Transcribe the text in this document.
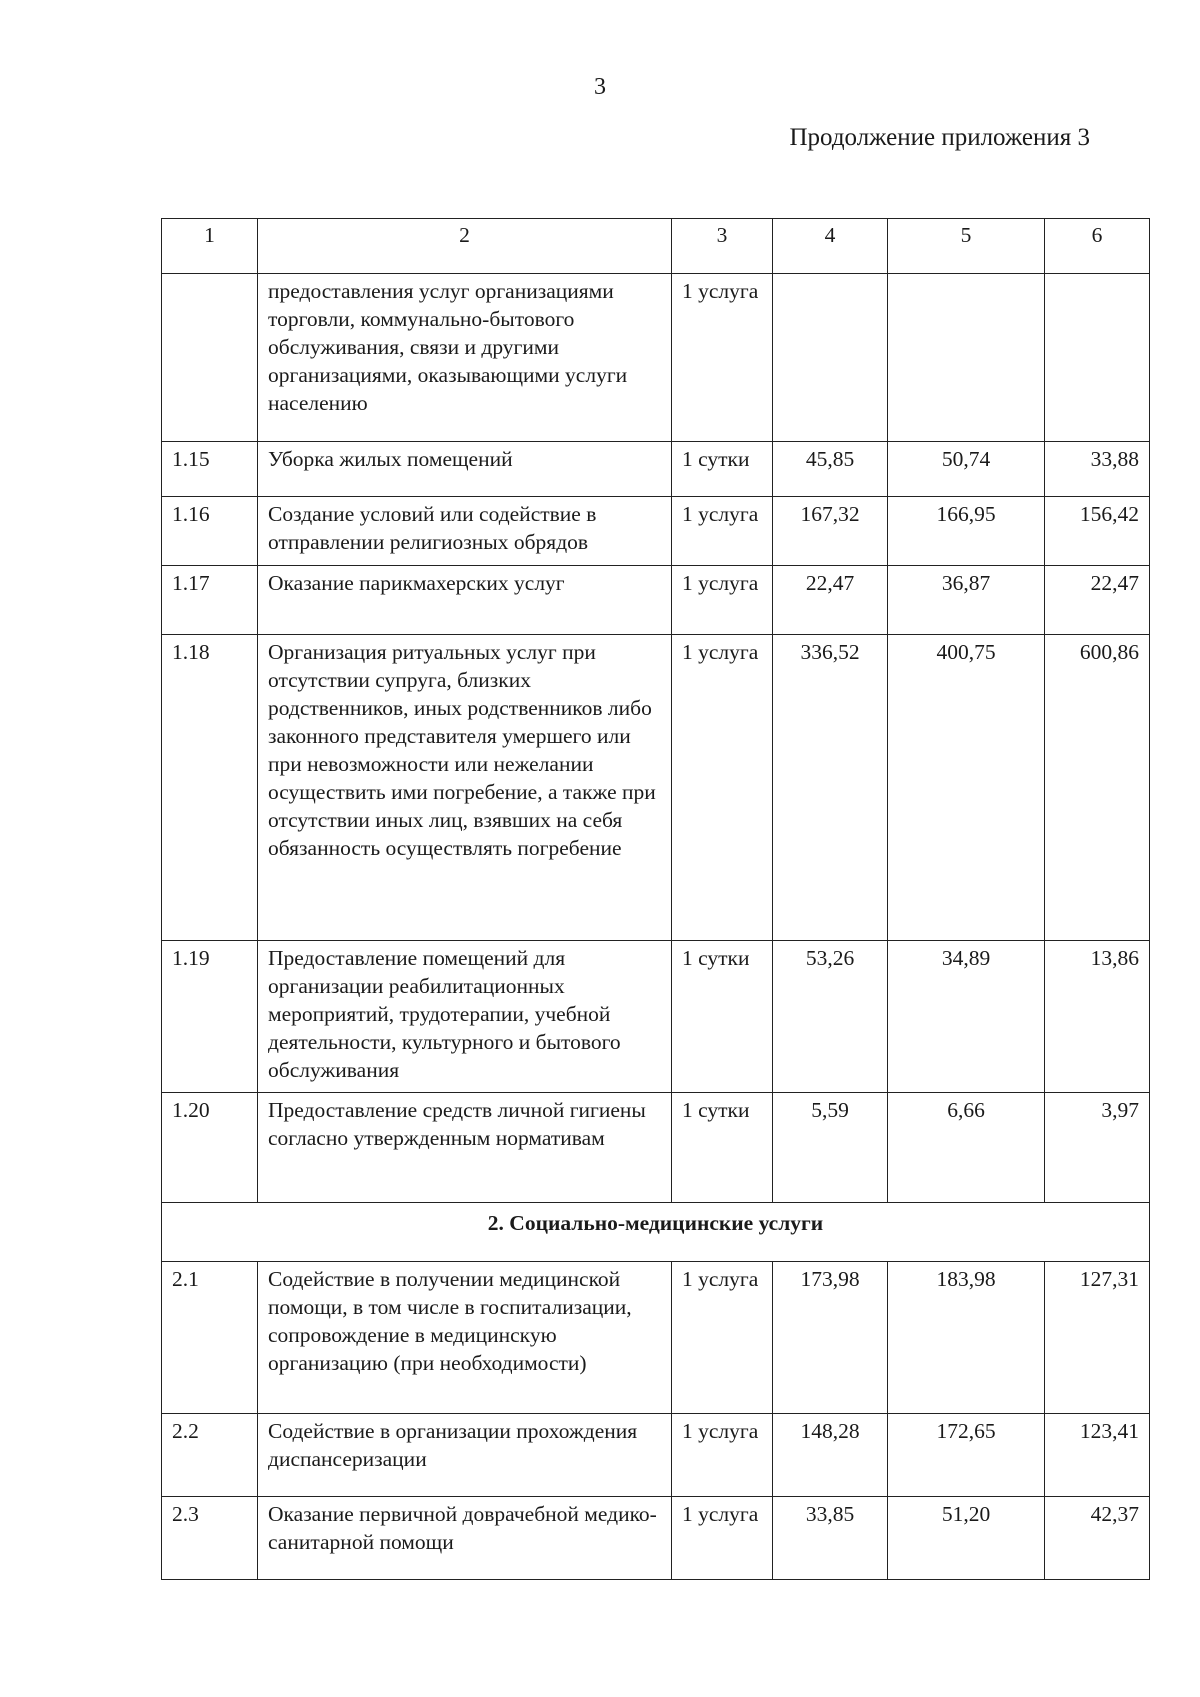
3
Продолжение приложения 3
1	2	3	4	5	6
	предоставления услуг организациями торговли, коммунально-бытового обслуживания, связи и другими организациями, оказывающими услуги населению	1 услуга			
1.15	Уборка жилых помещений	1 сутки	45,85	50,74	33,88
1.16	Создание условий или содействие в отправлении религиозных обрядов	1 услуга	167,32	166,95	156,42
1.17	Оказание парикмахерских услуг	1 услуга	22,47	36,87	22,47
1.18	Организация ритуальных услуг при отсутствии супруга, близких родственников, иных родственников либо законного представителя умершего или при невозможности или нежелании осуществить ими погребение, а также при отсутствии иных лиц, взявших на себя обязанность осуществлять погребение	1 услуга	336,52	400,75	600,86
1.19	Предоставление помещений для организации реабилитационных мероприятий, трудотерапии, учебной деятельности, культурного и бытового обслуживания	1 сутки	53,26	34,89	13,86
1.20	Предоставление средств личной гигиены согласно утвержденным нормативам	1 сутки	5,59	6,66	3,97
2. Социально-медицинские услуги					
2.1	Содействие в получении медицинской помощи, в том числе в госпитализации, сопровождение в медицинскую организацию (при необходимости)	1 услуга	173,98	183,98	127,31
2.2	Содействие в организации прохождения диспансеризации	1 услуга	148,28	172,65	123,41
2.3	Оказание первичной доврачебной медико-санитарной помощи	1 услуга	33,85	51,20	42,37
